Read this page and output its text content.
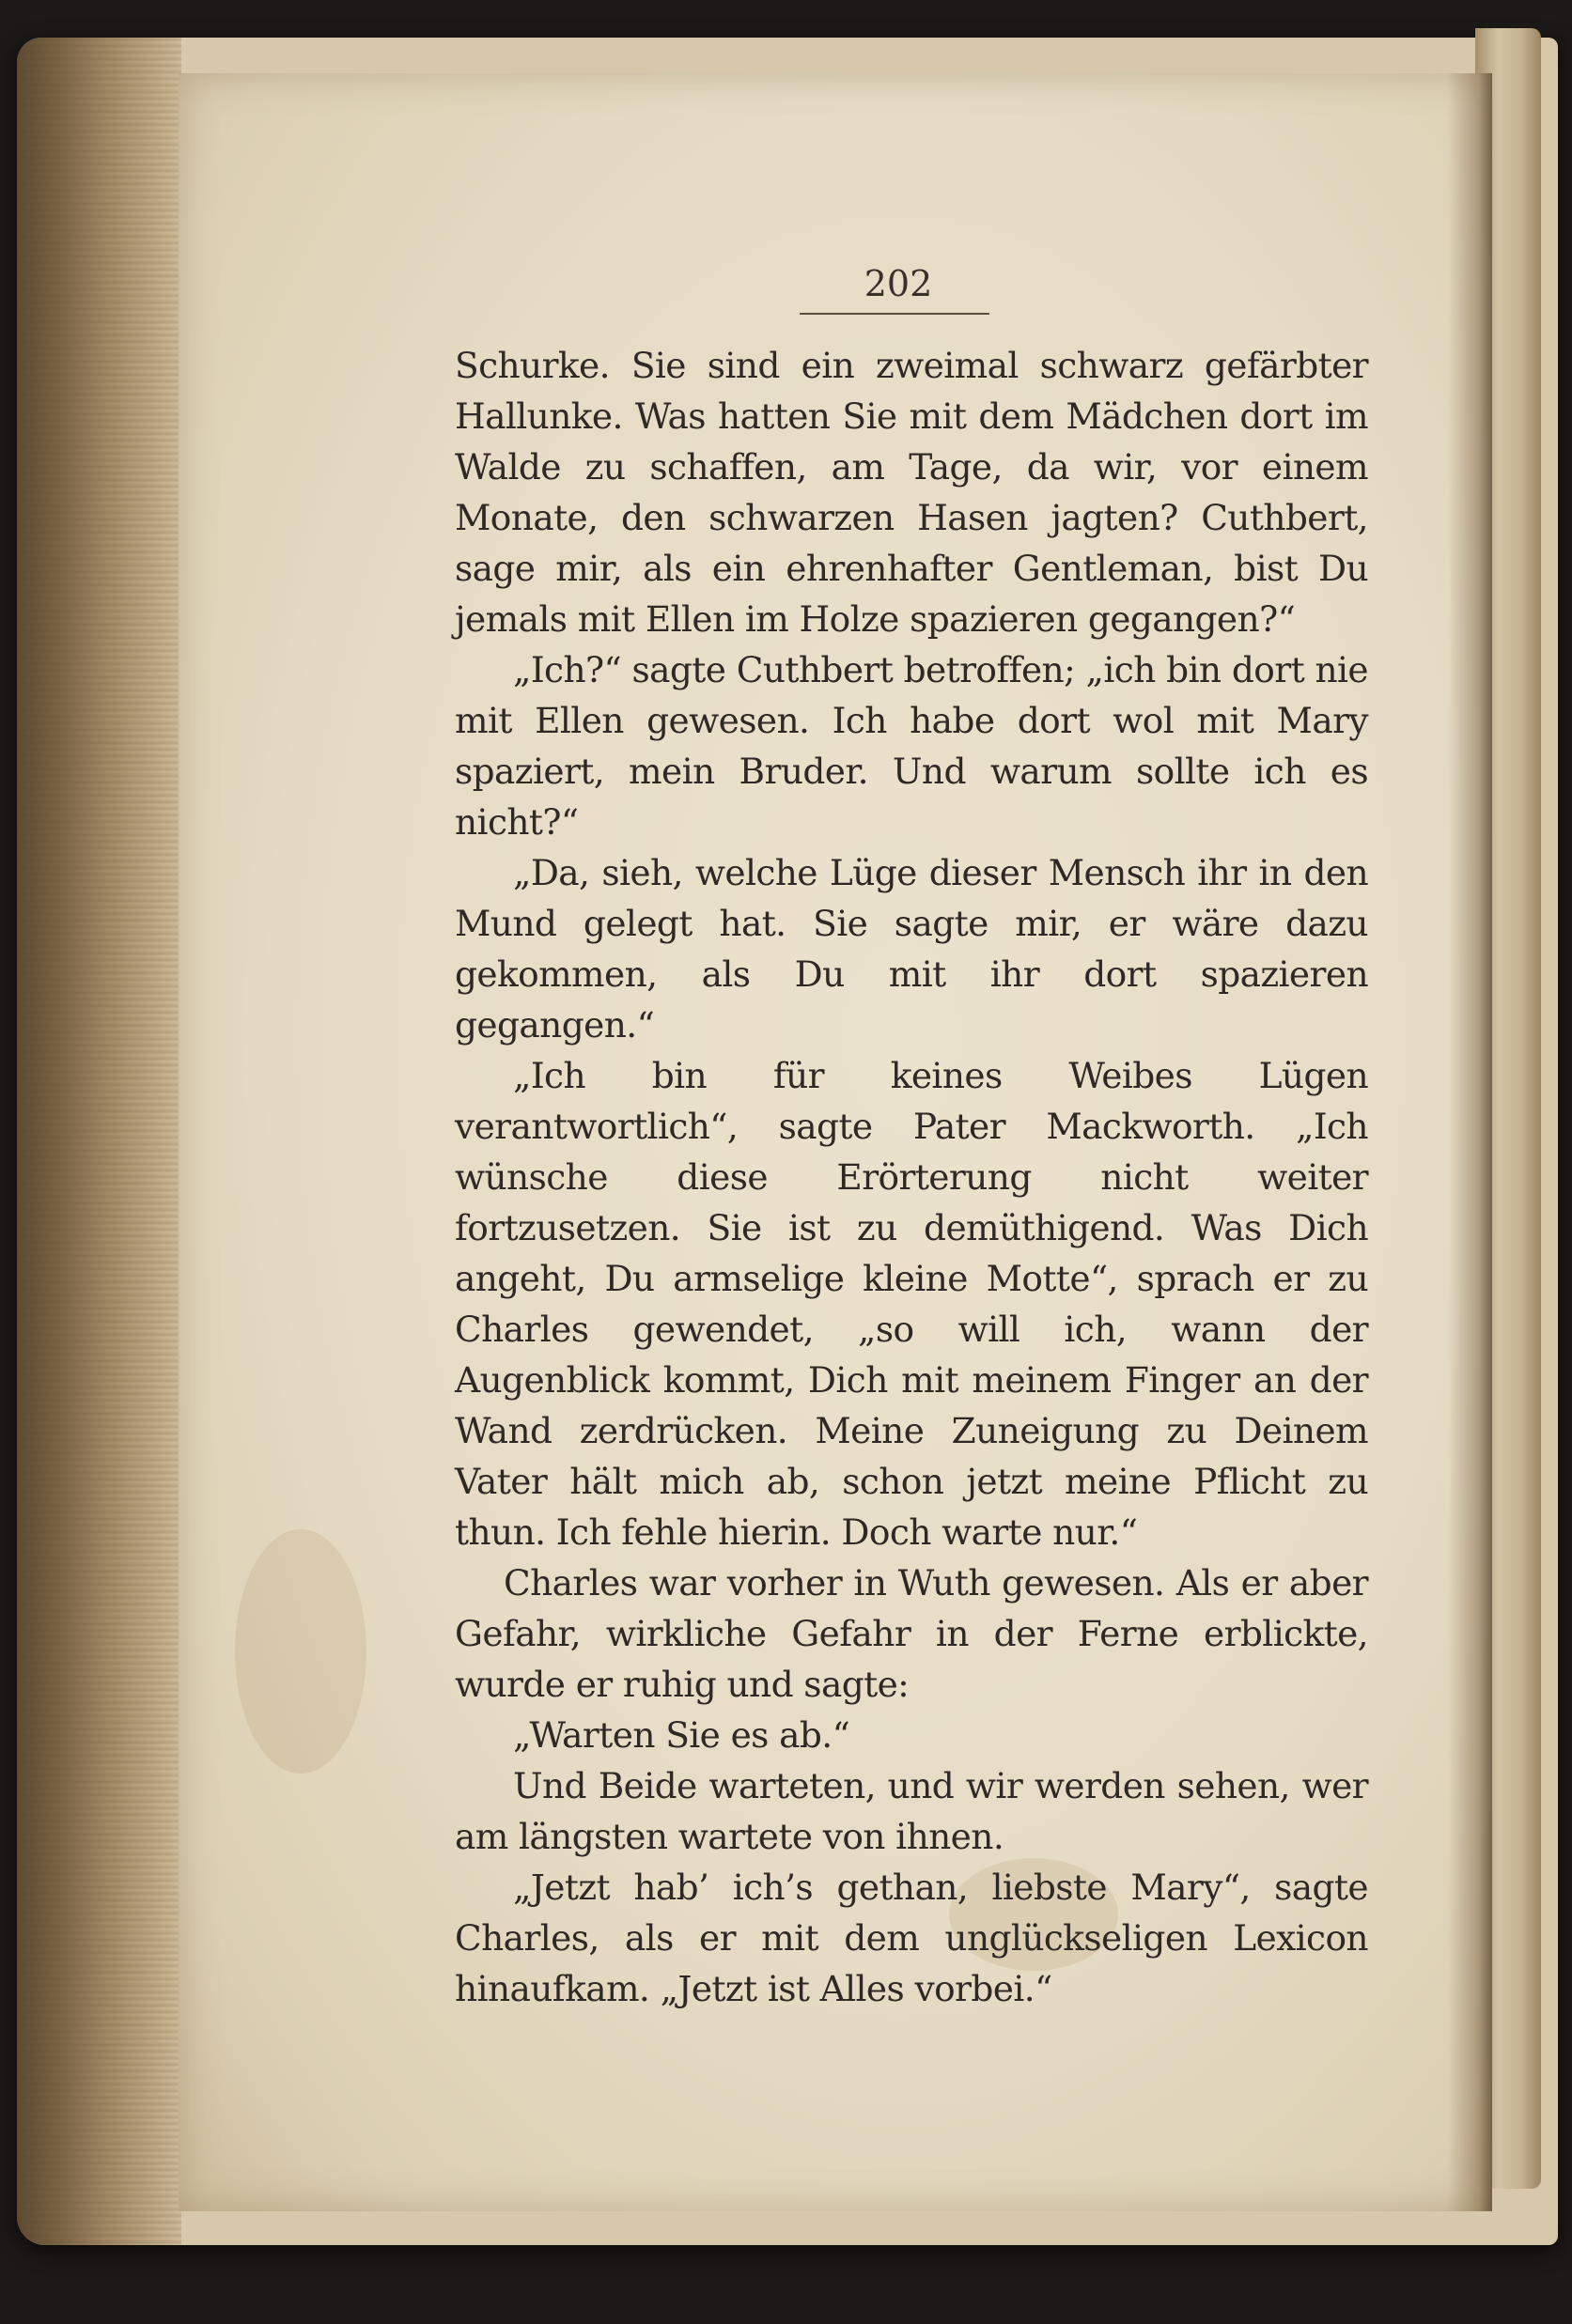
202

Schurke. Sie sind ein zweimal schwarz gefärbter Hallunke. Was hatten Sie mit dem Mädchen dort im Walde zu schaffen, am Tage, da wir, vor einem Monate, den schwarzen Hasen jagten? Cuthbert, sage mir, als ein ehrenhafter Gentleman, bist Du jemals mit Ellen im Holze spazieren gegangen?“

„Ich?“ sagte Cuthbert betroffen; „ich bin dort nie mit Ellen gewesen. Ich habe dort wol mit Mary spaziert, mein Bruder. Und warum sollte ich es nicht?“

„Da, sieh, welche Lüge dieser Mensch ihr in den Mund gelegt hat. Sie sagte mir, er wäre dazu gekommen, als Du mit ihr dort spazieren gegangen.“

„Ich bin für keines Weibes Lügen verantwortlich“, sagte Pater Mackworth. „Ich wünsche diese Erörterung nicht weiter fortzusetzen. Sie ist zu demüthigend. Was Dich angeht, Du armselige kleine Motte“, sprach er zu Charles gewendet, „so will ich, wann der Augenblick kommt, Dich mit meinem Finger an der Wand zerdrücken. Meine Zuneigung zu Deinem Vater hält mich ab, schon jetzt meine Pflicht zu thun. Ich fehle hierin. Doch warte nur.“

Charles war vorher in Wuth gewesen. Als er aber Gefahr, wirkliche Gefahr in der Ferne erblickte, wurde er ruhig und sagte:

„Warten Sie es ab.“

Und Beide warteten, und wir werden sehen, wer am längsten wartete von ihnen.

„Jetzt hab’ ich’s gethan, liebste Mary“, sagte Charles, als er mit dem unglückseligen Lexicon hinaufkam. „Jetzt ist Alles vorbei.“
